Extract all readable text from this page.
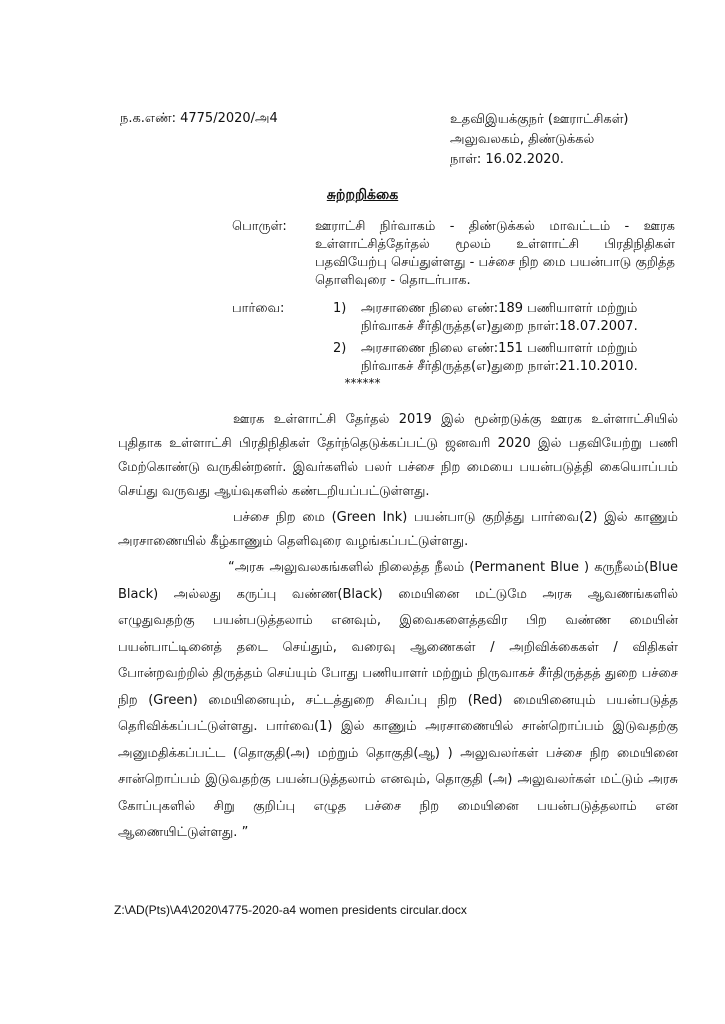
ந.க.எண்: 4775/2020/அ4	உதவிஇயக்குநர் (ஊராட்சிகள்)
அலுவலகம், திண்டுக்கல்
நாள்: 16.02.2020.
சுற்றறிக்கை
பொருள்: ஊராட்சி நிர்வாகம் - திண்டுக்கல் மாவட்டம் - ஊரக உள்ளாட்சித்தேர்தல் மூலம் உள்ளாட்சி பிரதிநிதிகள் பதவியேற்பு செய்துள்ளது - பச்சை நிற மை பயன்பாடு குறித்த தொளிவுரை - தொடர்பாக.
பார்வை:	1)	அரசாணை நிலை எண்:189 பணியாளர் மற்றும் நிர்வாகச் சீர்திருத்த(எ)துறை நாள்:18.07.2007.
2)	அரசாணை நிலை எண்:151 பணியாளர் மற்றும் நிர்வாகச் சீர்திருத்த(எ)துறை நாள்:21.10.2010.
******

ஊரக உள்ளாட்சி தேர்தல் 2019 இல் மூன்றடுக்கு ஊரக உள்ளாட்சியில் புதிதாக உள்ளாட்சி பிரதிநிதிகள் தேர்ந்தெடுக்கப்பட்டு ஜனவரி 2020 இல் பதவியேற்று பணி மேற்கொண்டு வருகின்றனர். இவர்களில் பலர் பச்சை நிற மையை பயன்படுத்தி கையொப்பம் செய்து வருவது ஆய்வுகளில் கண்டறியப்பட்டுள்ளது.

பச்சை நிற மை (Green Ink) பயன்பாடு குறித்து பார்வை(2) இல் காணும் அரசாணையில் கீழ்காணும் தெளிவுரை வழங்கப்பட்டுள்ளது.

“அரசு அலுவலகங்களில் நிலைத்த நீலம் (Permanent Blue ) கருநீலம்(Blue Black) அல்லது கருப்பு வண்ண(Black) மையினை மட்டுமே அரசு ஆவணங்களில் எழுதுவதற்கு பயன்படுத்தலாம் எனவும், இவைகளைத்தவிர பிற வண்ண மையின் பயன்பாட்டினைத் தடை செய்தும், வரைவு ஆணைகள் / அறிவிக்கைகள் / விதிகள் போன்றவற்றில் திருத்தம் செய்யும் போது பணியாளர் மற்றும் நிருவாகச் சீர்திருத்தத் துறை பச்சை நிற (Green) மையினையும், சட்டத்துறை சிவப்பு நிற (Red) மையினையும் பயன்படுத்த தெரிவிக்கப்பட்டுள்ளது. பார்வை(1) இல் காணும் அரசாணையில் சான்றொப்பம் இடுவதற்கு அனுமதிக்கப்பட்ட (தொகுதி(அ) மற்றும் தொகுதி(ஆ) ) அலுவலர்கள் பச்சை நிற மையினை சான்றொப்பம் இடுவதற்கு பயன்படுத்தலாம் எனவும், தொகுதி (அ) அலுவலர்கள் மட்டும் அரசு கோப்புகளில் சிறு குறிப்பு எழுத பச்சை நிற மையினை பயன்படுத்தலாம் என ஆணையிட்டுள்ளது. ”

Z:\AD(Pts)\A4\2020\4775-2020-a4 women presidents circular.docx
